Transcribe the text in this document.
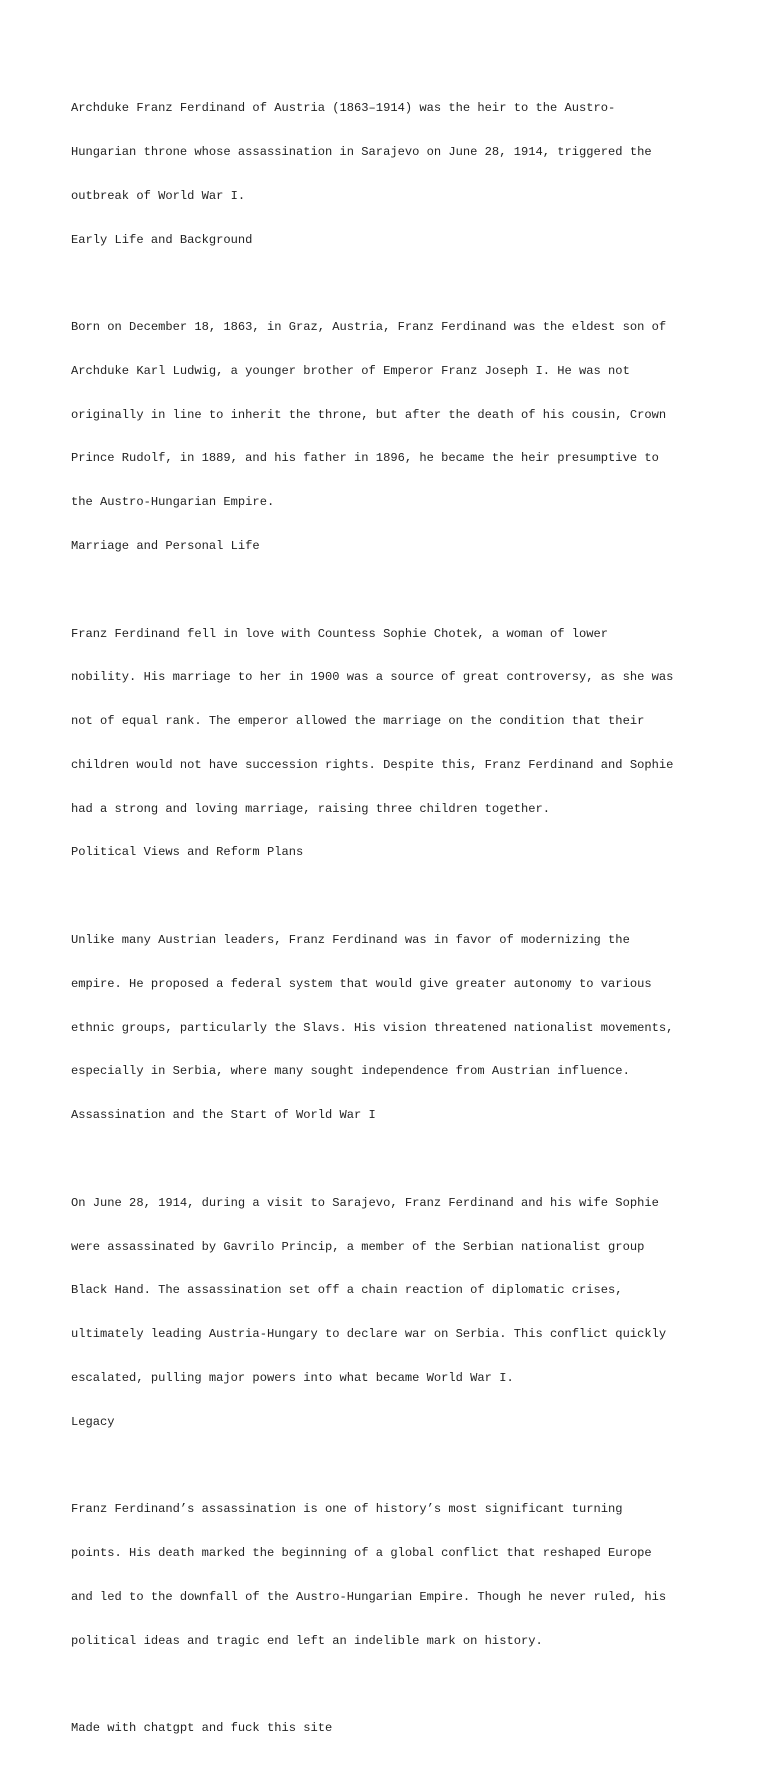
Archduke Franz Ferdinand of Austria (1863–1914) was the heir to the Austro-

Hungarian throne whose assassination in Sarajevo on June 28, 1914, triggered the

outbreak of World War I.

Early Life and Background

Born on December 18, 1863, in Graz, Austria, Franz Ferdinand was the eldest son of

Archduke Karl Ludwig, a younger brother of Emperor Franz Joseph I. He was not

originally in line to inherit the throne, but after the death of his cousin, Crown

Prince Rudolf, in 1889, and his father in 1896, he became the heir presumptive to

the Austro-Hungarian Empire.

Marriage and Personal Life

Franz Ferdinand fell in love with Countess Sophie Chotek, a woman of lower

nobility. His marriage to her in 1900 was a source of great controversy, as she was

not of equal rank. The emperor allowed the marriage on the condition that their

children would not have succession rights. Despite this, Franz Ferdinand and Sophie

had a strong and loving marriage, raising three children together.

Political Views and Reform Plans

Unlike many Austrian leaders, Franz Ferdinand was in favor of modernizing the

empire. He proposed a federal system that would give greater autonomy to various

ethnic groups, particularly the Slavs. His vision threatened nationalist movements,

especially in Serbia, where many sought independence from Austrian influence.

Assassination and the Start of World War I

On June 28, 1914, during a visit to Sarajevo, Franz Ferdinand and his wife Sophie

were assassinated by Gavrilo Princip, a member of the Serbian nationalist group

Black Hand. The assassination set off a chain reaction of diplomatic crises,

ultimately leading Austria-Hungary to declare war on Serbia. This conflict quickly

escalated, pulling major powers into what became World War I.

Legacy

Franz Ferdinand’s assassination is one of history’s most significant turning

points. His death marked the beginning of a global conflict that reshaped Europe

and led to the downfall of the Austro-Hungarian Empire. Though he never ruled, his

political ideas and tragic end left an indelible mark on history.

Made with chatgpt and fuck this site
